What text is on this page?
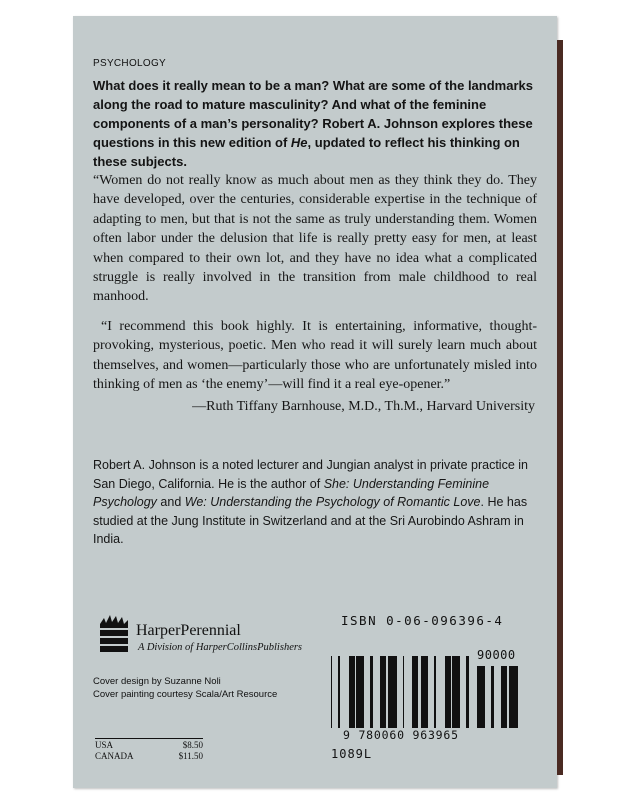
PSYCHOLOGY

What does it really mean to be a man? What are some of the landmarks along the road to mature masculinity? And what of the feminine components of a man’s personality? Robert A. Johnson explores these questions in this new edition of He, updated to reflect his thinking on these subjects.

“Women do not really know as much about men as they think they do. They have developed, over the centuries, considerable expertise in the technique of adapting to men, but that is not the same as truly understanding them. Women often labor under the delusion that life is really pretty easy for men, at least when compared to their own lot, and they have no idea what a complicated struggle is really involved in the transition from male childhood to real manhood.

“I recommend this book highly. It is entertaining, informative, thought-provoking, mysterious, poetic. Men who read it will surely learn much about themselves, and women—particularly those who are unfortunately misled into thinking of men as ‘the enemy’—will find it a real eye-opener.”

—Ruth Tiffany Barnhouse, M.D., Th.M., Harvard University

Robert A. Johnson is a noted lecturer and Jungian analyst in private practice in San Diego, California. He is the author of She: Understanding Feminine Psychology and We: Understanding the Psychology of Romantic Love. He has studied at the Jung Institute in Switzerland and at the Sri Aurobindo Ashram in India.

HarperPerennial
A Division of HarperCollinsPublishers
Cover design by Suzanne Noli
Cover painting courtesy Scala/Art Resource
USA	$8.50
CANADA	$11.50
ISBN 0-06-096396-4
90000
9 780060 963965
1089L
